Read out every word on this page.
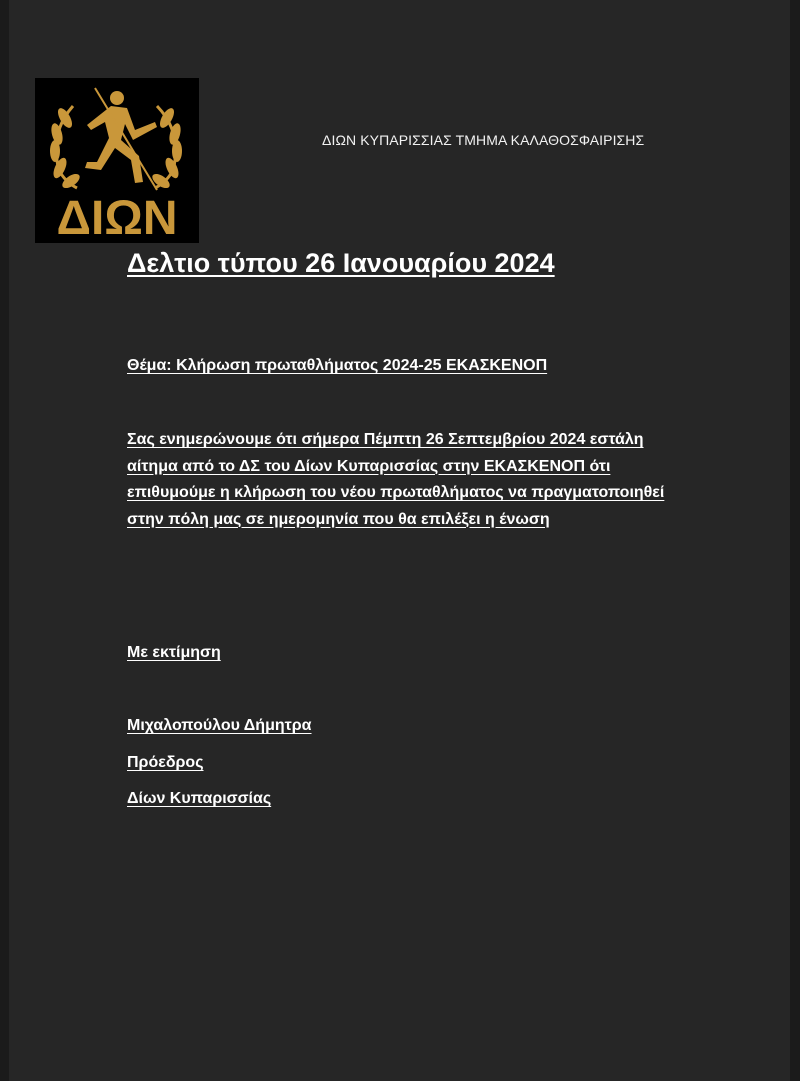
ΔΙΩΝ
ΔΙΩΝ ΚΥΠΑΡΙΣΣΙΑΣ ΤΜΗΜΑ ΚΑΛΑΘΟΣΦΑΙΡΙΣΗΣ
Δελτιο τύπου 26 Ιανουαρίου 2024
Θέμα: Κλήρωση πρωταθλήματος 2024-25 ΕΚΑΣΚΕΝΟΠ
Σας ενημερώνουμε ότι σήμερα Πέμπτη 26 Σεπτεμβρίου 2024 εστάλη αίτημα από το ΔΣ του Δίων Κυπαρισσίας στην ΕΚΑΣΚΕΝΟΠ ότι επιθυμούμε η κλήρωση του νέου πρωταθλήματος να πραγματοποιηθεί στην πόλη μας σε ημερομηνία που θα επιλέξει η ένωση
Με εκτίμηση
Μιχαλοπούλου Δήμητρα
Πρόεδρος
Δίων Κυπαρισσίας
